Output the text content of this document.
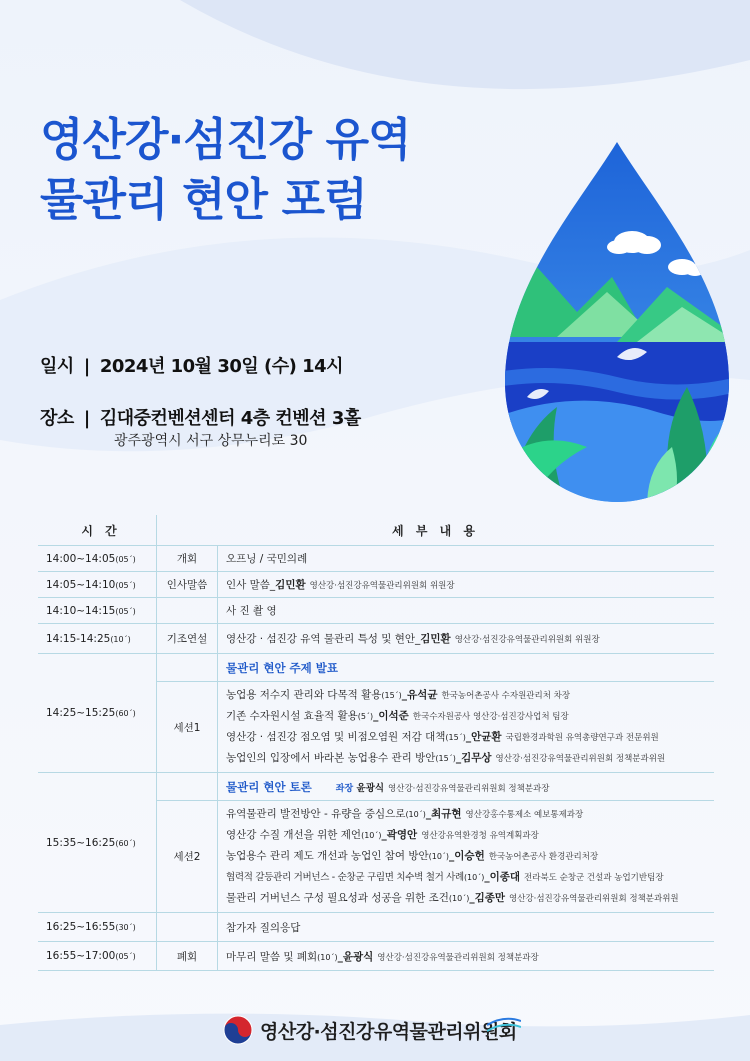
영산강·섬진강 유역
물관리 현안 포럼
일시 | 2024년 10월 30일 (수) 14시
장소 | 김대중컨벤션센터 4층 컨벤션 3홀
광주광역시 서구 상무누리로 30
시 간	세 부 내 용	
14:00~14:05(05´)	개회	오프닝 / 국민의례
14:05~14:10(05´)	인사말씀	인사 말씀_김민환 영산강·섬진강유역물관리위원회 위원장
14:10~14:15(05´)		사 진 촬 영
14:15-14:25(10´)	기조연설	영산강 · 섬진강 유역 물관리 특성 및 현안_김민환 영산강·섬진강유역물관리위원회 위원장
14:25~15:25(60´)		물관리 현안 주제 발표
	세션1	농업용 저수지 관리와 다목적 활용(15´)_유석균 한국농어촌공사 수자원관리처 차장
기존 수자원시설 효율적 활용(5´)_이석준 한국수자원공사 영산강·섬진강사업처 팀장
영산강 · 섬진강 점오염 및 비점오염원 저감 대책(15´)_안균환 국립환경과학원 유역총량연구과 전문위원
농업인의 입장에서 바라본 농업용수 관리 방안(15´)_김무상 영산강·섬진강유역물관리위원회 정책분과위원

15:35~16:25(60´)		물관리 현안 토론 좌장 윤광식 영산강·섬진강유역물관리위원회 정책분과장
	세션2	유역물관리 발전방안 - 유량을 중심으로(10´)_최규현 영산강홍수통제소 예보통제과장
영산강 수질 개선을 위한 제언(10´)_곽영안 영산강유역환경청 유역계획과장
농업용수 관리 제도 개선과 농업인 참여 방안(10´)_이승헌 한국농어촌공사 환경관리처장
협력적 갈등관리 거버넌스 - 순창군 구림면 치수벽 철거 사례(10´)_이종대 전라북도 순창군 건설과 농업기반팀장
물관리 거버넌스 구성 필요성과 성공을 위한 조건(10´)_김종만 영산강·섬진강유역물관리위원회 정책분과위원

16:25~16:55(30´)		참가자 질의응답
16:55~17:00(05´)	폐회	마무리 말씀 및 폐회(10´)_윤광식 영산강·섬진강유역물관리위원회 정책분과장
영산강·섬진강유역물관리위원회
